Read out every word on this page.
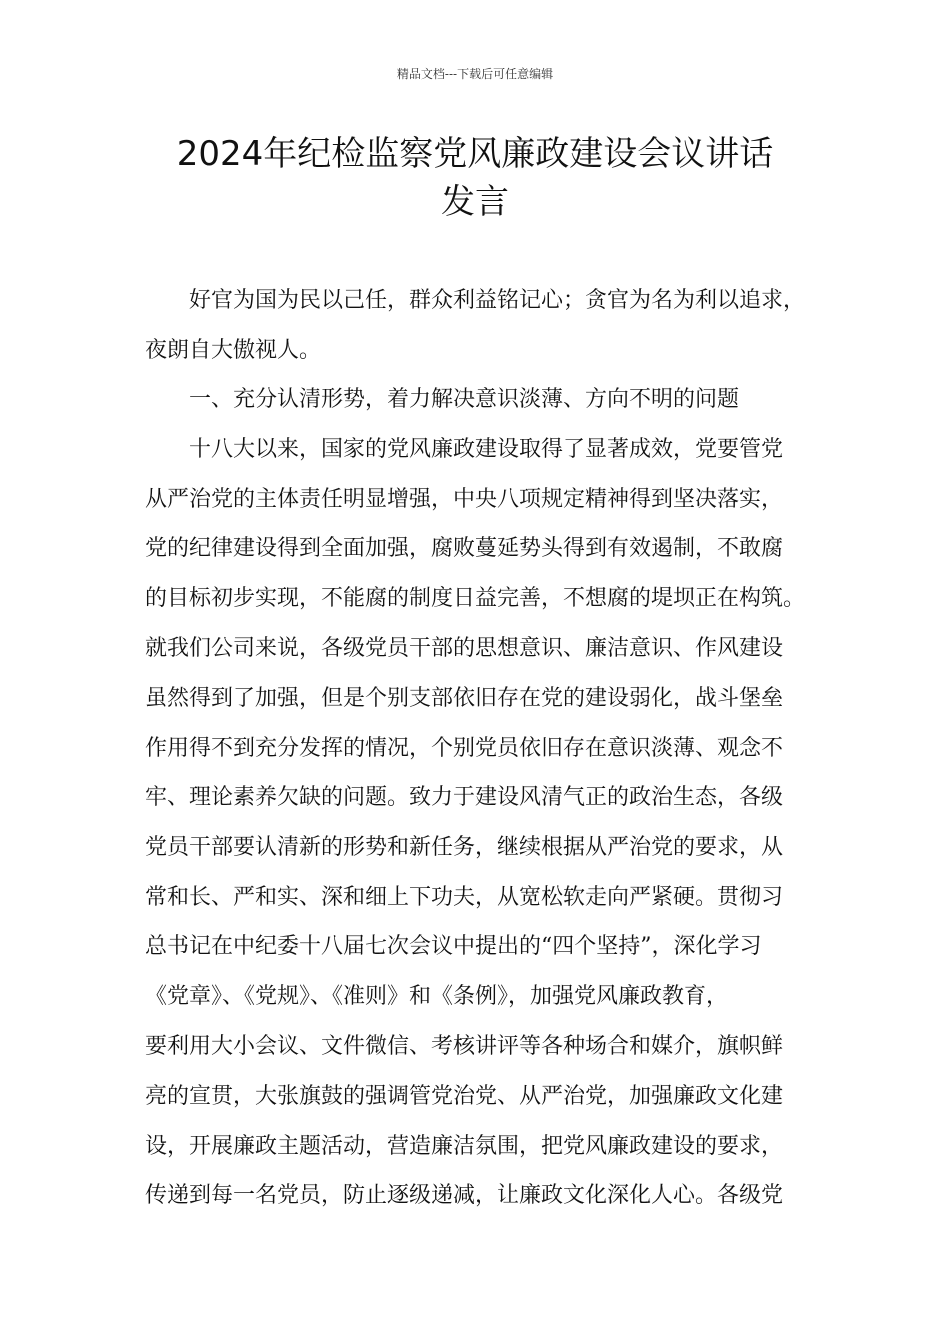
精品文档---下载后可任意编辑
2024年纪检监察党风廉政建设会议讲话
发言
　　好官为国为民以己任，群众利益铭记心；贪官为名为利以追求，
夜朗自大傲视人。
　　一、充分认清形势，着力解决意识淡薄、方向不明的问题
　　十八大以来，国家的党风廉政建设取得了显著成效，党要管党
从严治党的主体责任明显增强，中央八项规定精神得到坚决落实，
党的纪律建设得到全面加强，腐败蔓延势头得到有效遏制，不敢腐
的目标初步实现，不能腐的制度日益完善，不想腐的堤坝正在构筑。
就我们公司来说，各级党员干部的思想意识、廉洁意识、作风建设
虽然得到了加强，但是个别支部依旧存在党的建设弱化，战斗堡垒
作用得不到充分发挥的情况，个别党员依旧存在意识淡薄、观念不
牢、理论素养欠缺的问题。致力于建设风清气正的政治生态，各级
党员干部要认清新的形势和新任务，继续根据从严治党的要求，从
常和长、严和实、深和细上下功夫，从宽松软走向严紧硬。贯彻习
总书记在中纪委十八届七次会议中提出的“四个坚持”，深化学习
《党章》、《党规》、《准则》和《条例》，加强党风廉政教育，
要利用大小会议、文件微信、考核讲评等各种场合和媒介，旗帜鲜
亮的宣贯，大张旗鼓的强调管党治党、从严治党，加强廉政文化建
设，开展廉政主题活动，营造廉洁氛围，把党风廉政建设的要求，
传递到每一名党员，防止逐级递减，让廉政文化深化人心。各级党
